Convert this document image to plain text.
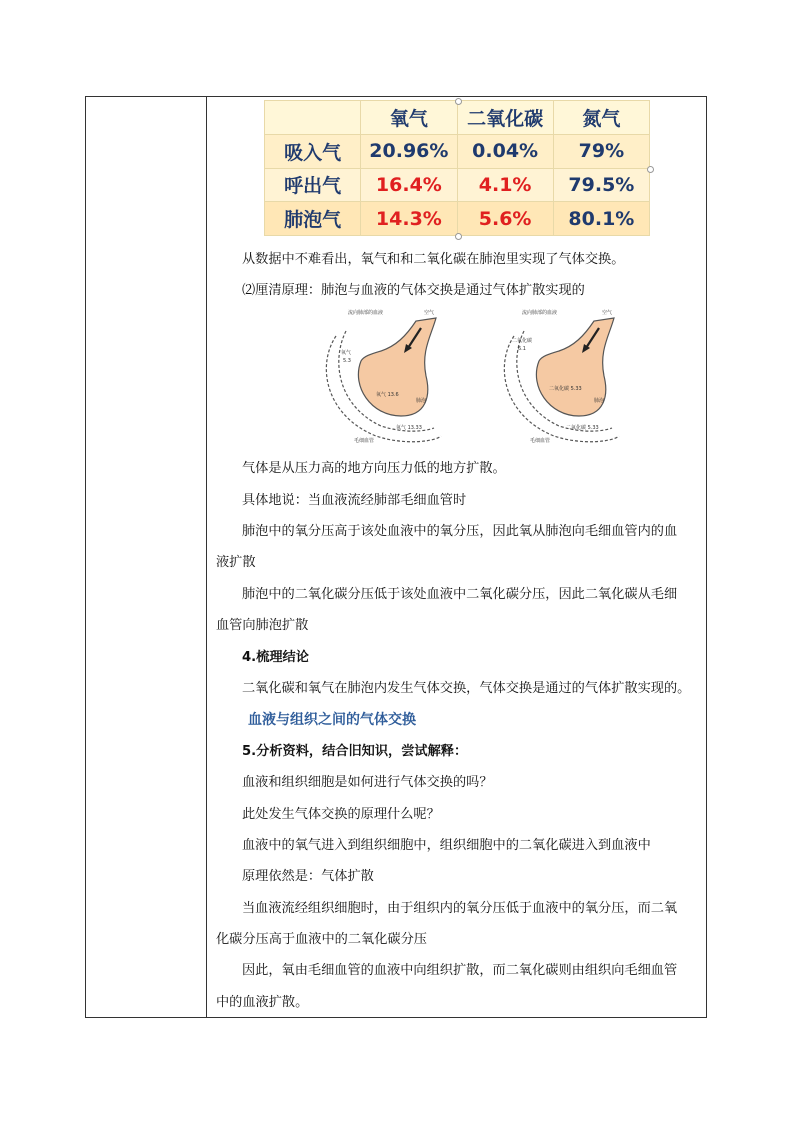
	氧气	二氧化碳	氮气
吸入气	20.96%	0.04%	79%
呼出气	16.4%	4.1%	79.5%
肺泡气	14.3%	5.6%	80.1%
从数据中不难看出，氧气和和二氧化碳在肺泡里实现了气体交换。
⑵厘清原理：肺泡与血液的气体交换是通过气体扩散实现的
流向肺部的血液	空气
氧气
5.3
氧气 13.6
肺泡
氧气 13.33
毛细血管
流向肺部的血液	空气
二氧化碳
6.1
二氧化碳 5.33
肺泡
二氧化碳 5.33
毛细血管
气体是从压力高的地方向压力低的地方扩散。
具体地说：当血液流经肺部毛细血管时
肺泡中的氧分压高于该处血液中的氧分压，因此氧从肺泡向毛细血管内的血
液扩散
肺泡中的二氧化碳分压低于该处血液中二氧化碳分压，因此二氧化碳从毛细
血管向肺泡扩散
4.梳理结论
二氧化碳和氧气在肺泡内发生气体交换，气体交换是通过的气体扩散实现的。
血液与组织之间的气体交换
5.分析资料，结合旧知识，尝试解释：
血液和组织细胞是如何进行气体交换的吗？
此处发生气体交换的原理什么呢？
血液中的氧气进入到组织细胞中，组织细胞中的二氧化碳进入到血液中
原理依然是：气体扩散
当血液流经组织细胞时，由于组织内的氧分压低于血液中的氧分压，而二氧
化碳分压高于血液中的二氧化碳分压
因此，氧由毛细血管的血液中向组织扩散，而二氧化碳则由组织向毛细血管
中的血液扩散。
